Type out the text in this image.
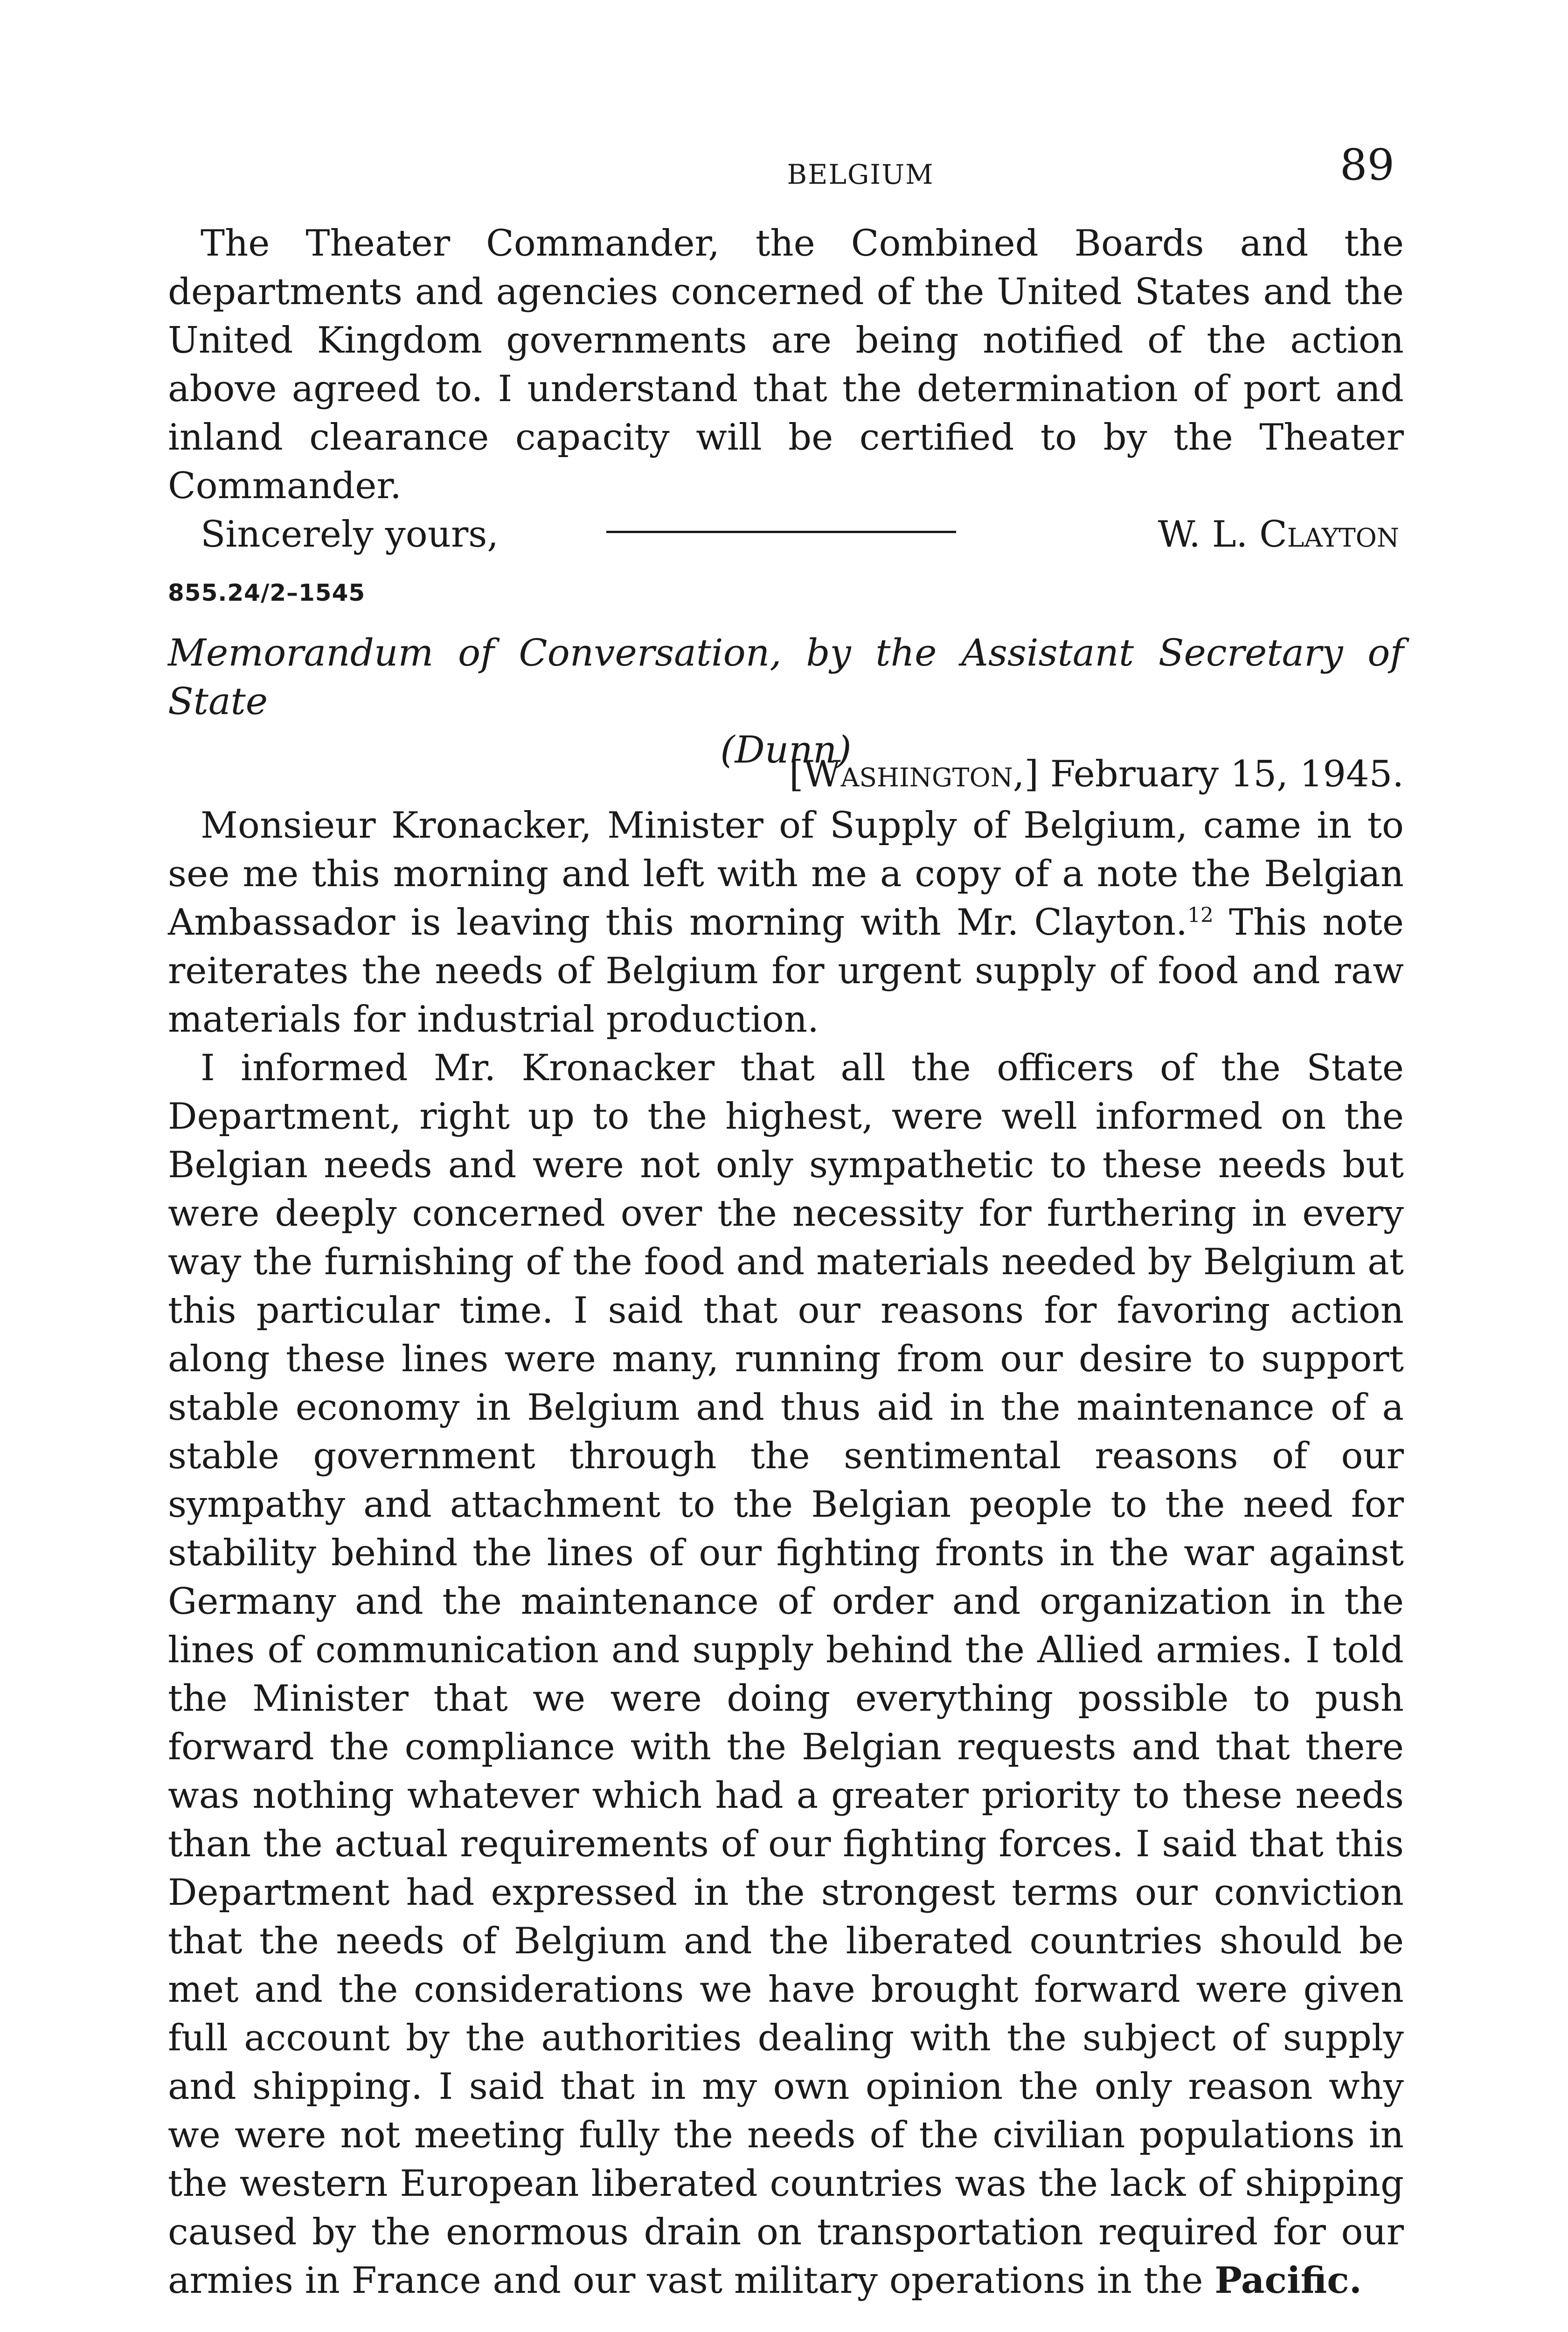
BELGIUM	89

The Theater Commander, the Combined Boards and the departments and agencies concerned of the United States and the United Kingdom governments are being notified of the action above agreed to. I understand that the determination of port and inland clearance capacity will be certified to by the Theater Commander.

Sincerely yours,	W. L. Clayton
855.24/2–1545
Memorandum of Conversation, by the Assistant Secretary of State
(Dunn)
[Washington,] February 15, 1945.

Monsieur Kronacker, Minister of Supply of Belgium, came in to see me this morning and left with me a copy of a note the Belgian Ambassador is leaving this morning with Mr. Clayton.$^{12}$ This note reiterates the needs of Belgium for urgent supply of food and raw materials for industrial production.

I informed Mr. Kronacker that all the officers of the State Department, right up to the highest, were well informed on the Belgian needs and were not only sympathetic to these needs but were deeply concerned over the necessity for furthering in every way the furnishing of the food and materials needed by Belgium at this particular time. I said that our reasons for favoring action along these lines were many, running from our desire to support stable economy in Belgium and thus aid in the maintenance of a stable government through the sentimental reasons of our sympathy and attachment to the Belgian people to the need for stability behind the lines of our fighting fronts in the war against Germany and the maintenance of order and organization in the lines of communication and supply behind the Allied armies. I told the Minister that we were doing everything possible to push forward the compliance with the Belgian requests and that there was nothing whatever which had a greater priority to these needs than the actual requirements of our fighting forces. I said that this Department had expressed in the strongest terms our conviction that the needs of Belgium and the liberated countries should be met and the considerations we have brought forward were given full account by the authorities dealing with the subject of supply and shipping. I said that in my own opinion the only reason why we were not meeting fully the needs of the civilian populations in the western European liberated countries was the lack of shipping caused by the enormous drain on transportation required for our armies in France and our vast military operations in the Pacific.
